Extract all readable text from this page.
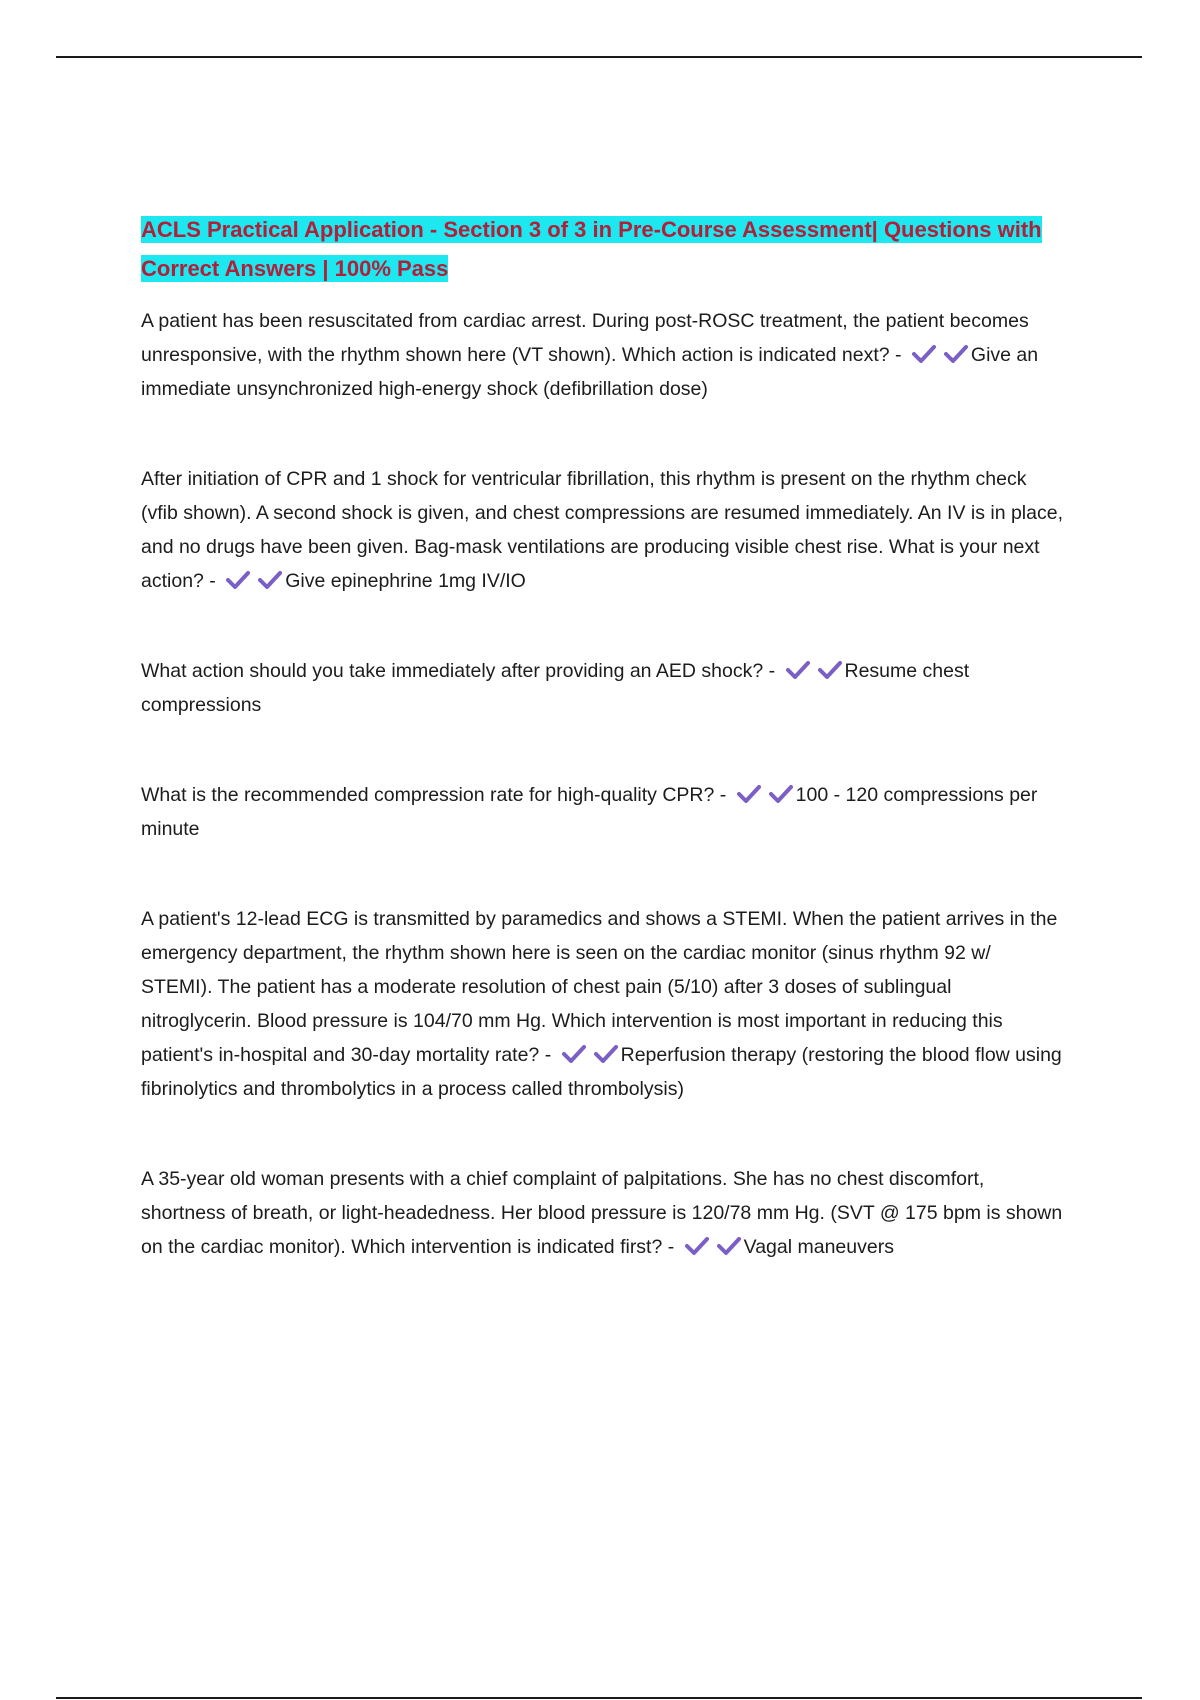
ACLS Practical Application - Section 3 of 3 in Pre-Course Assessment| Questions with Correct Answers | 100% Pass

A patient has been resuscitated from cardiac arrest. During post-ROSC treatment, the patient becomes unresponsive, with the rhythm shown here (VT shown). Which action is indicated next? -	Give an immediate unsynchronized high-energy shock (defibrillation dose)

After initiation of CPR and 1 shock for ventricular fibrillation, this rhythm is present on the rhythm check (vfib shown). A second shock is given, and chest compressions are resumed immediately. An IV is in place, and no drugs have been given. Bag-mask ventilations are producing visible chest rise. What is your next action? -	Give epinephrine 1mg IV/IO

What action should you take immediately after providing an AED shock? -	Resume chest compressions

What is the recommended compression rate for high-quality CPR? -	100 - 120 compressions per minute

A patient's 12-lead ECG is transmitted by paramedics and shows a STEMI. When the patient arrives in the emergency department, the rhythm shown here is seen on the cardiac monitor (sinus rhythm 92 w/ STEMI). The patient has a moderate resolution of chest pain (5/10) after 3 doses of sublingual nitroglycerin. Blood pressure is 104/70 mm Hg. Which intervention is most important in reducing this patient's in-hospital and 30-day mortality rate? -	Reperfusion therapy (restoring the blood flow using fibrinolytics and thrombolytics in a process called thrombolysis)

A 35-year old woman presents with a chief complaint of palpitations. She has no chest discomfort, shortness of breath, or light-headedness. Her blood pressure is 120/78 mm Hg. (SVT @ 175 bpm is shown on the cardiac monitor). Which intervention is indicated first? -	Vagal maneuvers
